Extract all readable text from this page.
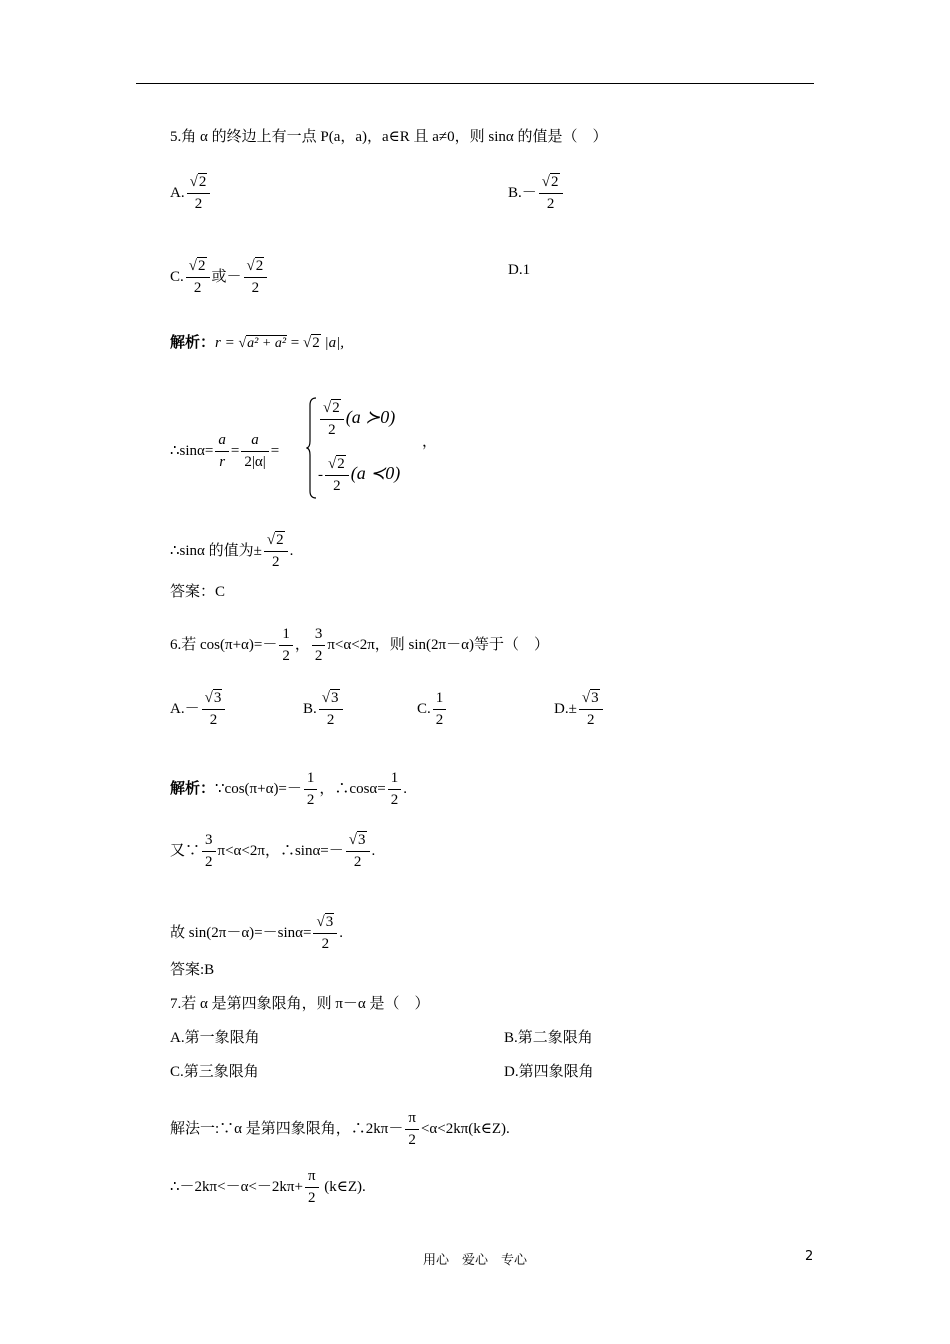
5.角 α 的终边上有一点 P(a，a)，a∈R 且 a≠0，则 sinα 的值是（　）
A. $\frac{√2}{2}$	$B.- \frac{√2}{2}$
C. $\frac{√2}{2}$ 或－ $\frac{√2}{2}$	D.1
解析：r = √a² + a² = √2 |a|,
∴sinα= $\frac{a}{r} = \frac{a}{2|\alpha|}$ =
$\frac{√2}{2} (a$ ≻0)
- $\frac{√2}{2} (a$ ≺0)
，
∴sinα 的值为± $\frac{√2}{2}$ .
答案：C
6.若 $\cos(\pi+\alpha)=- \frac{1}{2}$ ， $\frac{3}{2} \pi<\alpha<2\pi$，则 sin(2π－α)等于（　）
$A.- \frac{√3}{2}$	B. $\frac{√3}{2}$	C. $\frac{1}{2}$	$D.\pm \frac{√3}{2}$
解析：∵cos(π+α)=－ $\frac{1}{2}$ ，∴cosα= $\frac{1}{2}$ .
又∵ $\frac{3}{2} \pi<\alpha<2\pi$，∴sinα=－ $\frac{√3}{2}$ .
故 $\sin(2\pi-\alpha)=-\sin\alpha= \frac{√3}{2}$ .
答案:B
7.若 α 是第四象限角，则 π－α 是（　）
A.第一象限角	B.第二象限角
C.第三象限角	D.第四象限角
解法一:∵α 是第四象限角，∴2kπ－ $\frac{\pi}{2}$ <α<2kπ(k∈Z).
∴－2kπ<－α<－2kπ+ $\frac{\pi}{2}$ (k∈Z).
用心　爱心　专心	2
